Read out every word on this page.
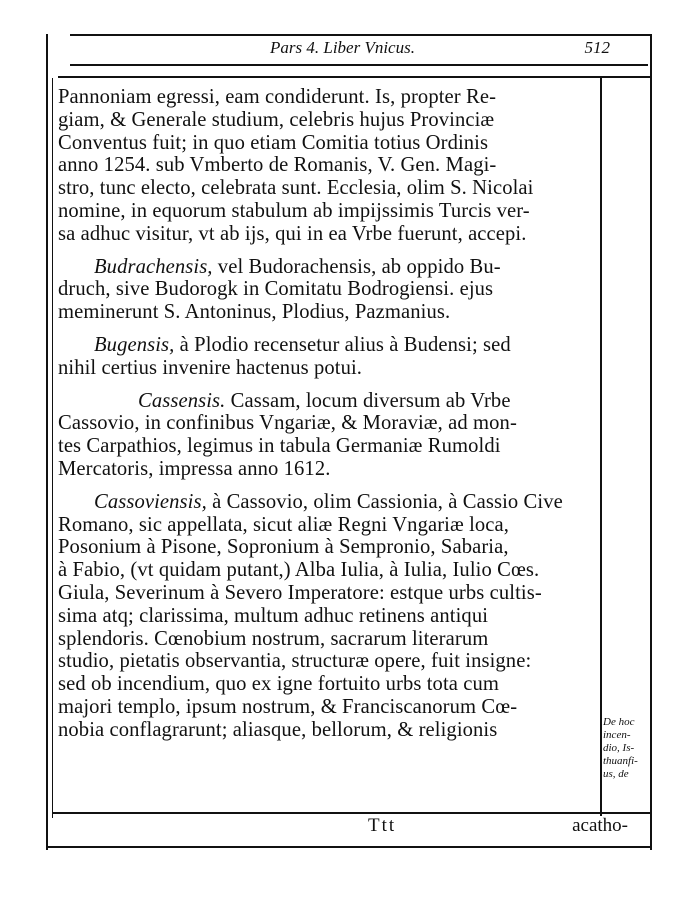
Pars 4. Liber Vnicus.	512
Pannoniam egressi, eam condiderunt. Is, propter Re-
giam, & Generale studium, celebris hujus Provinciæ
Conventus fuit; in quo etiam Comitia totius Ordinis
anno 1254. sub Vmberto de Romanis, V. Gen. Magi-
stro, tunc electo, celebrata sunt. Ecclesia, olim S. Nicolai
nomine, in equorum stabulum ab impijssimis Turcis ver-
sa adhuc visitur, vt ab ijs, qui in ea Vrbe fuerunt, accepi.
Budrachensis, vel Budorachensis, ab oppido Bu-
druch, sive Budorogk in Comitatu Bodrogiensi. ejus
meminerunt S. Antoninus, Plodius, Pazmanius.
Bugensis, à Plodio recensetur alius à Budensi; sed
nihil certius invenire hactenus potui.
Cassensis. Cassam, locum diversum ab Vrbe
Cassovio, in confinibus Vngariæ, & Moraviæ, ad mon-
tes Carpathios, legimus in tabula Germaniæ Rumoldi
Mercatoris, impressa anno 1612.
Cassoviensis, à Cassovio, olim Cassionia, à Cassio Cive
Romano, sic appellata, sicut aliæ Regni Vngariæ loca,
Posonium à Pisone, Sopronium à Sempronio, Sabaria,
à Fabio, (vt quidam putant,) Alba Iulia, à Iulia, Iulio Cœs.
Giula, Severinum à Severo Imperatore: estque urbs cultis-
sima atq; clarissima, multum adhuc retinens antiqui
splendoris. Cœnobium nostrum, sacrarum literarum
studio, pietatis observantia, structuræ opere, fuit insigne:
sed ob incendium, quo ex igne fortuito urbs tota cum
majori templo, ipsum nostrum, & Franciscanorum Cœ-
nobia conflagrarunt; aliasque, bellorum, & religionis	De hoc
incen-
dio, Is-
thuanfi-
us, de
Ttt	acatho-
